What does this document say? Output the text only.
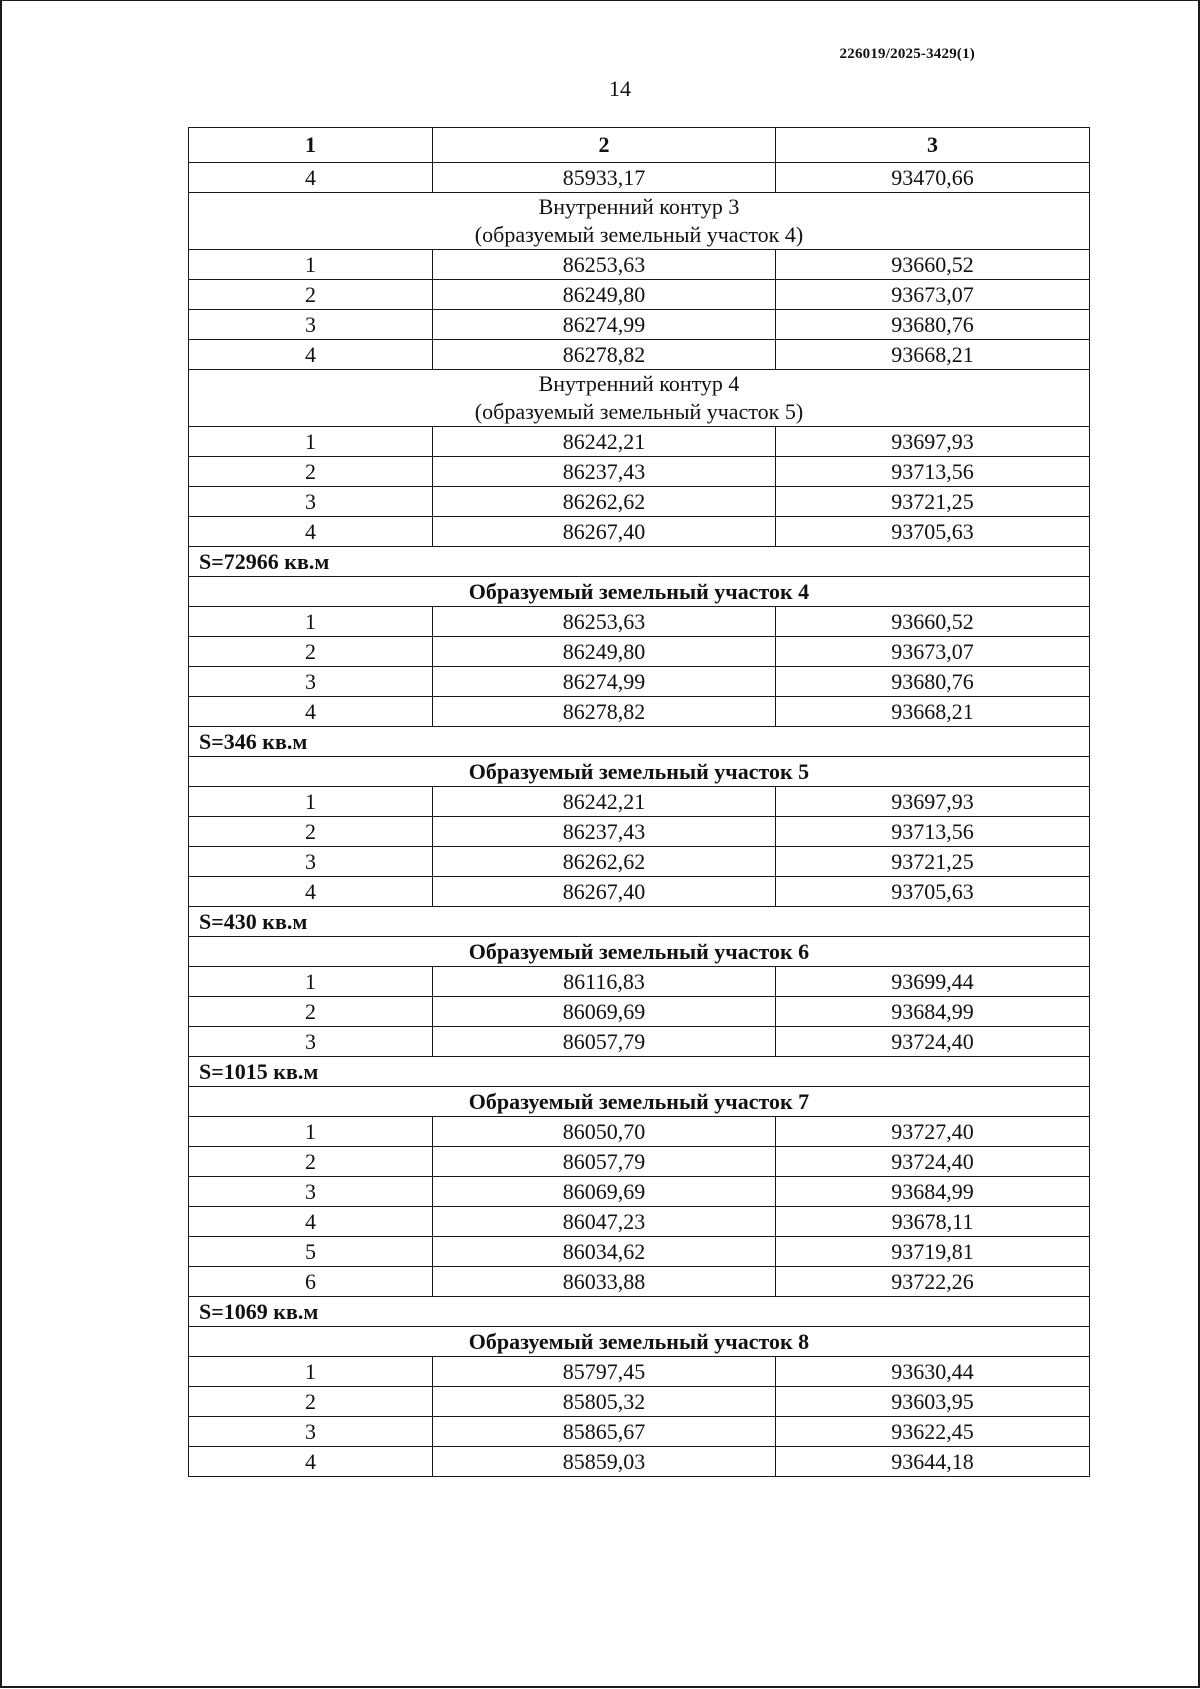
226019/2025-3429(1)
14
1	2	3
4	85933,17	93470,66

Внутренний контур 3
(образуемый земельный участок 4)		

1	86253,63	93660,52
2	86249,80	93673,07
3	86274,99	93680,76
4	86278,82	93668,21

Внутренний контур 4
(образуемый земельный участок 5)		

1	86242,21	93697,93
2	86237,43	93713,56
3	86262,62	93721,25
4	86267,40	93705,63
S=72966 кв.м		
Образуемый земельный участок 4		
1	86253,63	93660,52
2	86249,80	93673,07
3	86274,99	93680,76
4	86278,82	93668,21
S=346 кв.м		
Образуемый земельный участок 5		
1	86242,21	93697,93
2	86237,43	93713,56
3	86262,62	93721,25
4	86267,40	93705,63
S=430 кв.м		
Образуемый земельный участок 6		
1	86116,83	93699,44
2	86069,69	93684,99
3	86057,79	93724,40
S=1015 кв.м		
Образуемый земельный участок 7		
1	86050,70	93727,40
2	86057,79	93724,40
3	86069,69	93684,99
4	86047,23	93678,11
5	86034,62	93719,81
6	86033,88	93722,26
S=1069 кв.м		
Образуемый земельный участок 8		
1	85797,45	93630,44
2	85805,32	93603,95
3	85865,67	93622,45
4	85859,03	93644,18
